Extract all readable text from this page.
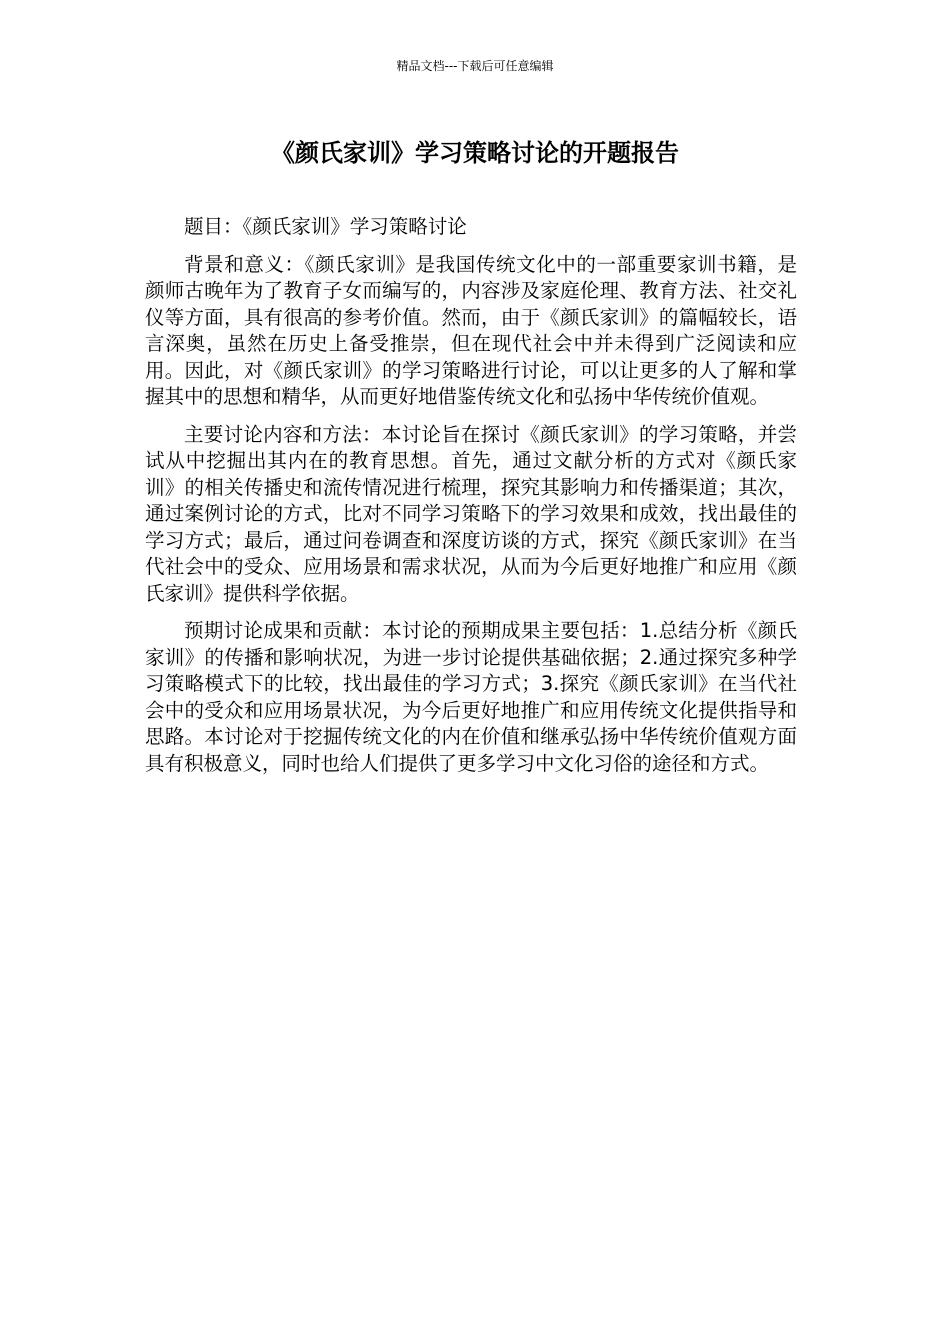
精品文档---下载后可任意编辑
《颜氏家训》学习策略讨论的开题报告

题目：《颜氏家训》学习策略讨论

背景和意义：《颜氏家训》是我国传统文化中的一部重要家训书籍，是颜师古晚年为了教育子女而编写的，内容涉及家庭伦理、教育方法、社交礼仪等方面，具有很高的参考价值。然而，由于《颜氏家训》的篇幅较长，语言深奥，虽然在历史上备受推崇，但在现代社会中并未得到广泛阅读和应用。因此，对《颜氏家训》的学习策略进行讨论，可以让更多的人了解和掌握其中的思想和精华，从而更好地借鉴传统文化和弘扬中华传统价值观。

主要讨论内容和方法：本讨论旨在探讨《颜氏家训》的学习策略，并尝试从中挖掘出其内在的教育思想。首先，通过文献分析的方式对《颜氏家训》的相关传播史和流传情况进行梳理，探究其影响力和传播渠道；其次，通过案例讨论的方式，比对不同学习策略下的学习效果和成效，找出最佳的学习方式；最后，通过问卷调查和深度访谈的方式，探究《颜氏家训》在当代社会中的受众、应用场景和需求状况，从而为今后更好地推广和应用《颜氏家训》提供科学依据。

预期讨论成果和贡献：本讨论的预期成果主要包括：1.总结分析《颜氏家训》的传播和影响状况，为进一步讨论提供基础依据；2.通过探究多种学习策略模式下的比较，找出最佳的学习方式；3.探究《颜氏家训》在当代社会中的受众和应用场景状况，为今后更好地推广和应用传统文化提供指导和思路。本讨论对于挖掘传统文化的内在价值和继承弘扬中华传统价值观方面具有积极意义，同时也给人们提供了更多学习中文化习俗的途径和方式。
